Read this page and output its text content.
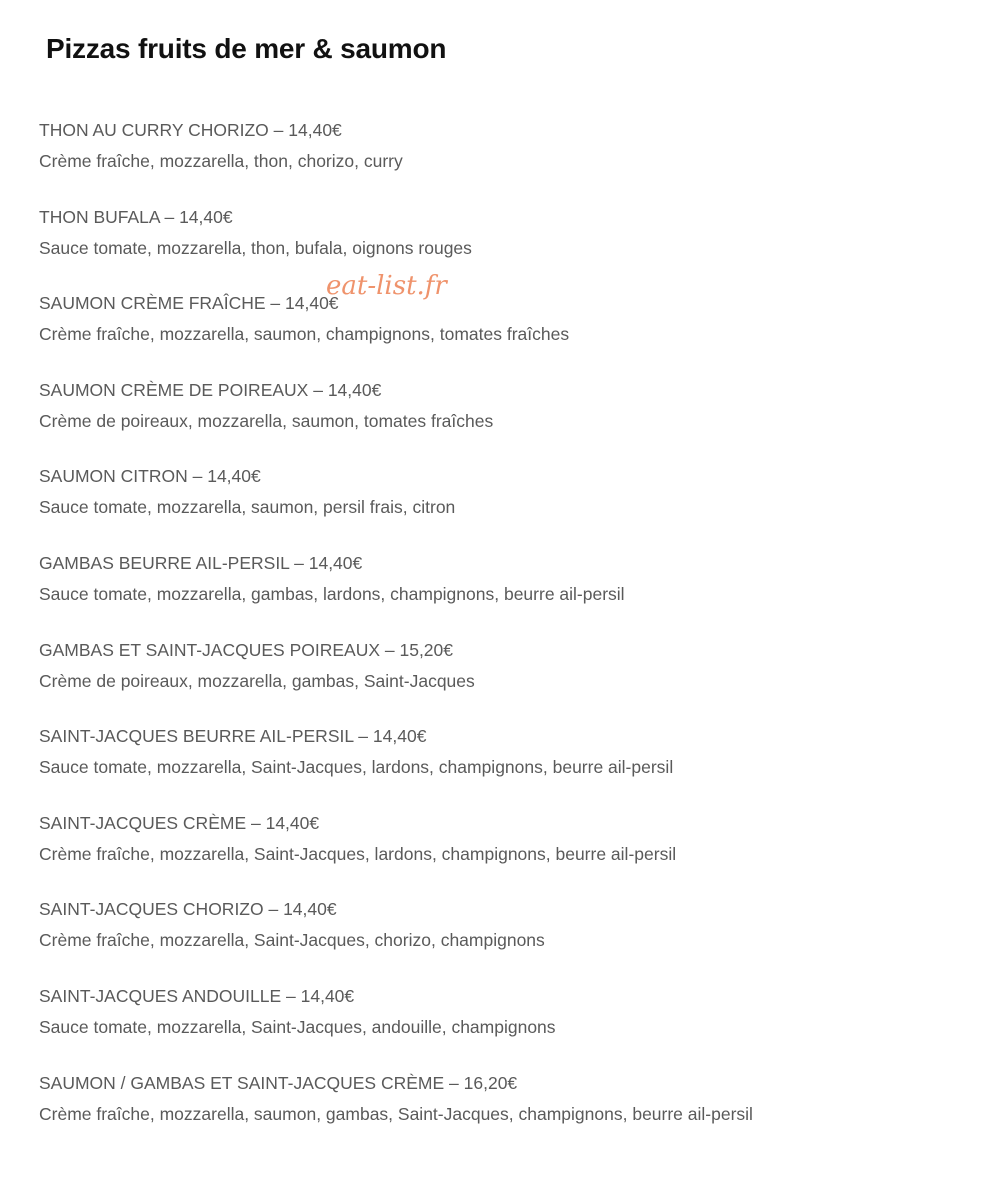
Pizzas fruits de mer & saumon
THON AU CURRY CHORIZO – 14,40€
Crème fraîche, mozzarella, thon, chorizo, curry
THON BUFALA – 14,40€
Sauce tomate, mozzarella, thon, bufala, oignons rouges
SAUMON CRÈME FRAÎCHE – 14,40€
Crème fraîche, mozzarella, saumon, champignons, tomates fraîches
SAUMON CRÈME DE POIREAUX – 14,40€
Crème de poireaux, mozzarella, saumon, tomates fraîches
SAUMON CITRON – 14,40€
Sauce tomate, mozzarella, saumon, persil frais, citron
GAMBAS BEURRE AIL-PERSIL – 14,40€
Sauce tomate, mozzarella, gambas, lardons, champignons, beurre ail-persil
GAMBAS ET SAINT-JACQUES POIREAUX – 15,20€
Crème de poireaux, mozzarella, gambas, Saint-Jacques
SAINT-JACQUES BEURRE AIL-PERSIL – 14,40€
Sauce tomate, mozzarella, Saint-Jacques, lardons, champignons, beurre ail-persil
SAINT-JACQUES CRÈME – 14,40€
Crème fraîche, mozzarella, Saint-Jacques, lardons, champignons, beurre ail-persil
SAINT-JACQUES CHORIZO – 14,40€
Crème fraîche, mozzarella, Saint-Jacques, chorizo, champignons
SAINT-JACQUES ANDOUILLE – 14,40€
Sauce tomate, mozzarella, Saint-Jacques, andouille, champignons
SAUMON / GAMBAS ET SAINT-JACQUES CRÈME – 16,20€
Crème fraîche, mozzarella, saumon, gambas, Saint-Jacques, champignons, beurre ail-persil
eat-list.fr
